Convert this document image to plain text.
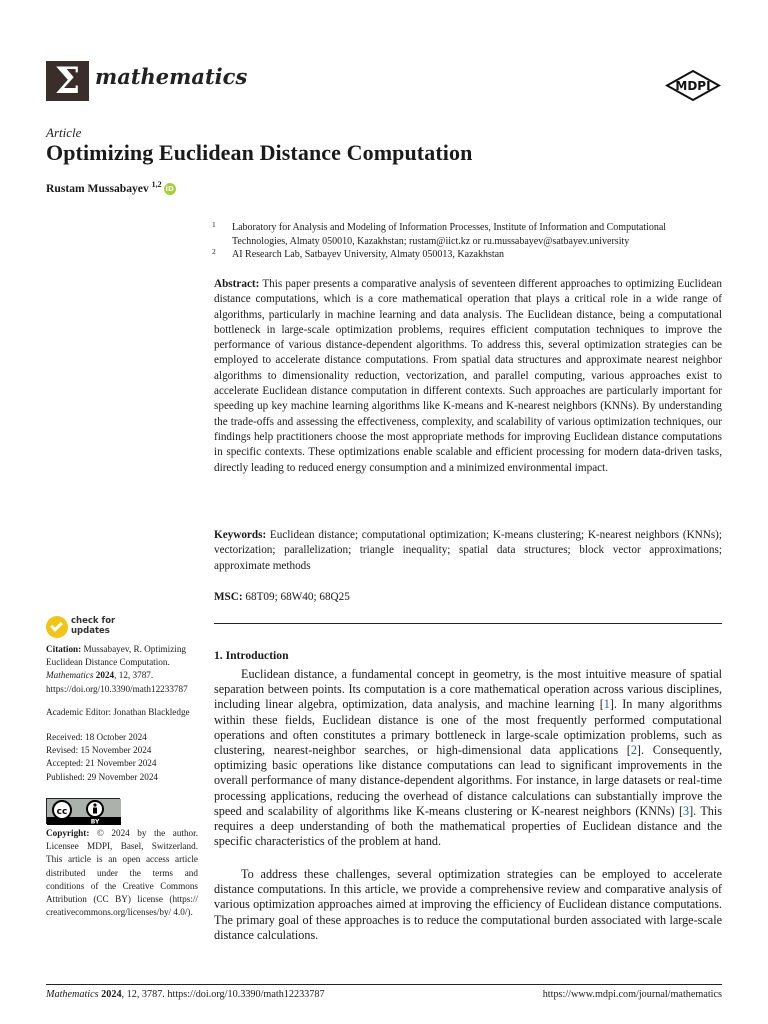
Σ mathematics	MDPI
Article
Optimizing Euclidean Distance Computation
Rustam Mussabayev $^{1,2}$iD
1	Laboratory for Analysis and Modeling of Information Processes, Institute of Information and Computational Technologies, Almaty 050010, Kazakhstan; rustam@iict.kz or ru.mussabayev@satbayev.university
2	AI Research Lab, Satbayev University, Almaty 050013, Kazakhstan
Abstract: This paper presents a comparative analysis of seventeen different approaches to optimizing Euclidean distance computations, which is a core mathematical operation that plays a critical role in a wide range of algorithms, particularly in machine learning and data analysis. The Euclidean distance, being a computational bottleneck in large-scale optimization problems, requires efficient computation techniques to improve the performance of various distance-dependent algorithms. To address this, several optimization strategies can be employed to accelerate distance computations. From spatial data structures and approximate nearest neighbor algorithms to dimensionality reduction, vectorization, and parallel computing, various approaches exist to accelerate Euclidean distance computation in different contexts. Such approaches are particularly important for speeding up key machine learning algorithms like K-means and K-nearest neighbors (KNNs). By understanding the trade-offs and assessing the effectiveness, complexity, and scalability of various optimization techniques, our findings help practitioners choose the most appropriate methods for improving Euclidean distance computations in specific contexts. These optimizations enable scalable and efficient processing for modern data-driven tasks, directly leading to reduced energy consumption and a minimized environmental impact.
Keywords: Euclidean distance; computational optimization; K-means clustering; K-nearest neighbors (KNNs); vectorization; parallelization; triangle inequality; spatial data structures; block vector approximations; approximate methods
MSC: 68T09; 68W40; 68Q25
1. Introduction
Euclidean distance, a fundamental concept in geometry, is the most intuitive measure of spatial separation between points. Its computation is a core mathematical operation across various disciplines, including linear algebra, optimization, data analysis, and machine learning [1]. In many algorithms within these fields, Euclidean distance is one of the most frequently performed computational operations and often constitutes a primary bottleneck in large-scale optimization problems, such as clustering, nearest-neighbor searches, or high-dimensional data applications [2]. Consequently, optimizing basic operations like distance computations can lead to significant improvements in the overall performance of many distance-dependent algorithms. For instance, in large datasets or real-time processing applications, reducing the overhead of distance calculations can substantially improve the speed and scalability of algorithms like K-means clustering or K-nearest neighbors (KNNs) [3]. This requires a deep understanding of both the mathematical properties of Euclidean distance and the specific characteristics of the problem at hand.
To address these challenges, several optimization strategies can be employed to accelerate distance computations. In this article, we provide a comprehensive review and comparative analysis of various optimization approaches aimed at improving the efficiency of Euclidean distance computations. The primary goal of these approaches is to reduce the computational burden associated with large-scale distance calculations.
check for
updates
Citation: Mussabayev, R. Optimizing Euclidean Distance Computation. Mathematics 2024, 12, 3787. https://doi.org/10.3390/math12233787
Academic Editor: Jonathan Blackledge
Received: 18 October 2024
Revised: 15 November 2024
Accepted: 21 November 2024
Published: 29 November 2024
cc
BY
Copyright: © 2024 by the author. Licensee MDPI, Basel, Switzerland. This article is an open access article distributed under the terms and conditions of the Creative Commons Attribution (CC BY) license (https:// creativecommons.org/licenses/by/ 4.0/).
Mathematics 2024, 12, 3787. https://doi.org/10.3390/math12233787	https://www.mdpi.com/journal/mathematics
